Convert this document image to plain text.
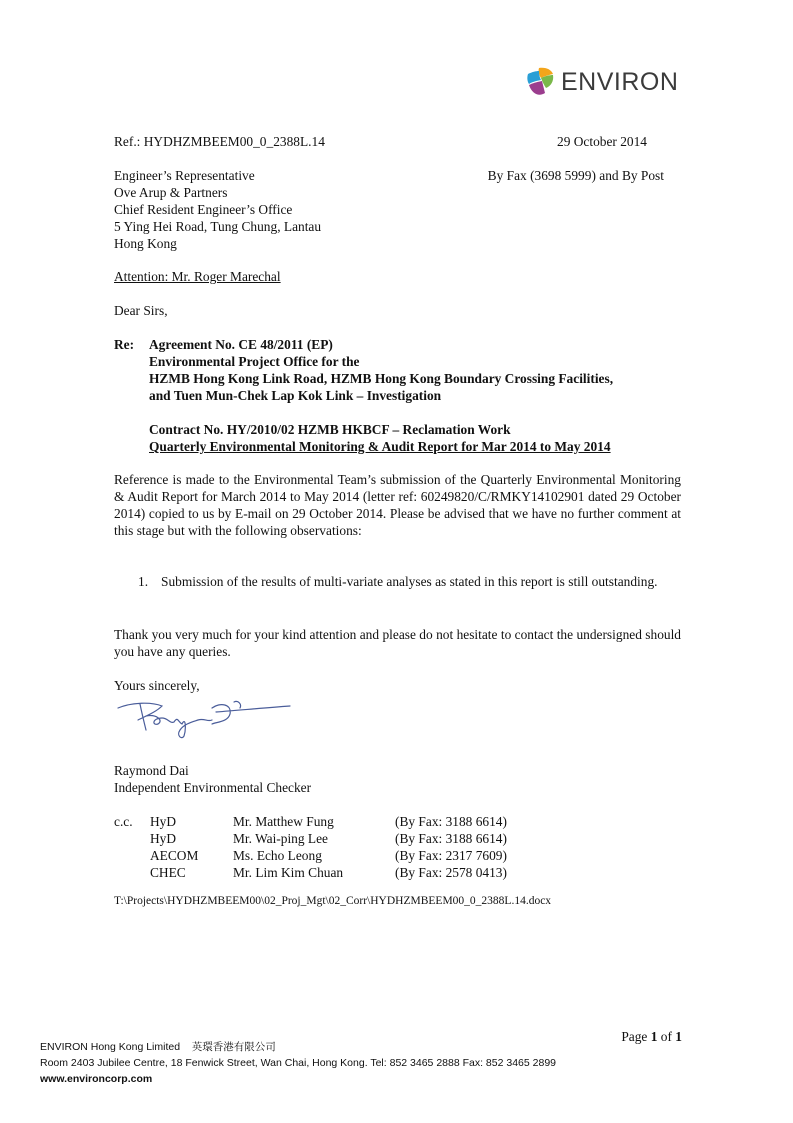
ENVIRON
Ref.: HYDHZMBEEM00_0_2388L.14	29 October 2014
Engineer’s Representative
Ove Arup & Partners
Chief Resident Engineer’s Office
5 Ying Hei Road, Tung Chung, Lantau
Hong Kong
By Fax (3698 5999) and By Post
Attention: Mr. Roger Marechal
Dear Sirs,
Re: Agreement No. CE 48/2011 (EP)
Environmental Project Office for the
HZMB Hong Kong Link Road, HZMB Hong Kong Boundary Crossing Facilities,
and Tuen Mun-Chek Lap Kok Link – Investigation
Contract No. HY/2010/02 HZMB HKBCF – Reclamation Work
Quarterly Environmental Monitoring & Audit Report for Mar 2014 to May 2014
Reference is made to the Environmental Team’s submission of the Quarterly Environmental Monitoring & Audit Report for March 2014 to May 2014 (letter ref: 60249820/C/RMKY14102901 dated 29 October 2014) copied to us by E-mail on 29 October 2014. Please be advised that we have no further comment at this stage but with the following observations:
1. Submission of the results of multi-variate analyses as stated in this report is still outstanding.
Thank you very much for your kind attention and please do not hesitate to contact the undersigned should you have any queries.
Yours sincerely,
Raymond Dai
Independent Environmental Checker
c.c. HyD	Mr. Matthew Fung	(By Fax: 3188 6614)
HyD	Mr. Wai-ping Lee	(By Fax: 3188 6614)
AECOM	Ms. Echo Leong	(By Fax: 2317 7609)
CHEC	Mr. Lim Kim Chuan	(By Fax: 2578 0413)
T:\Projects\HYDHZMBEEM00\02_Proj_Mgt\02_Corr\HYDHZMBEEM00_0_2388L.14.docx
Page 1 of 1
ENVIRON Hong Kong Limited 英環香港有限公司
Room 2403 Jubilee Centre, 18 Fenwick Street, Wan Chai, Hong Kong. Tel: 852 3465 2888 Fax: 852 3465 2899
www.environcorp.com
